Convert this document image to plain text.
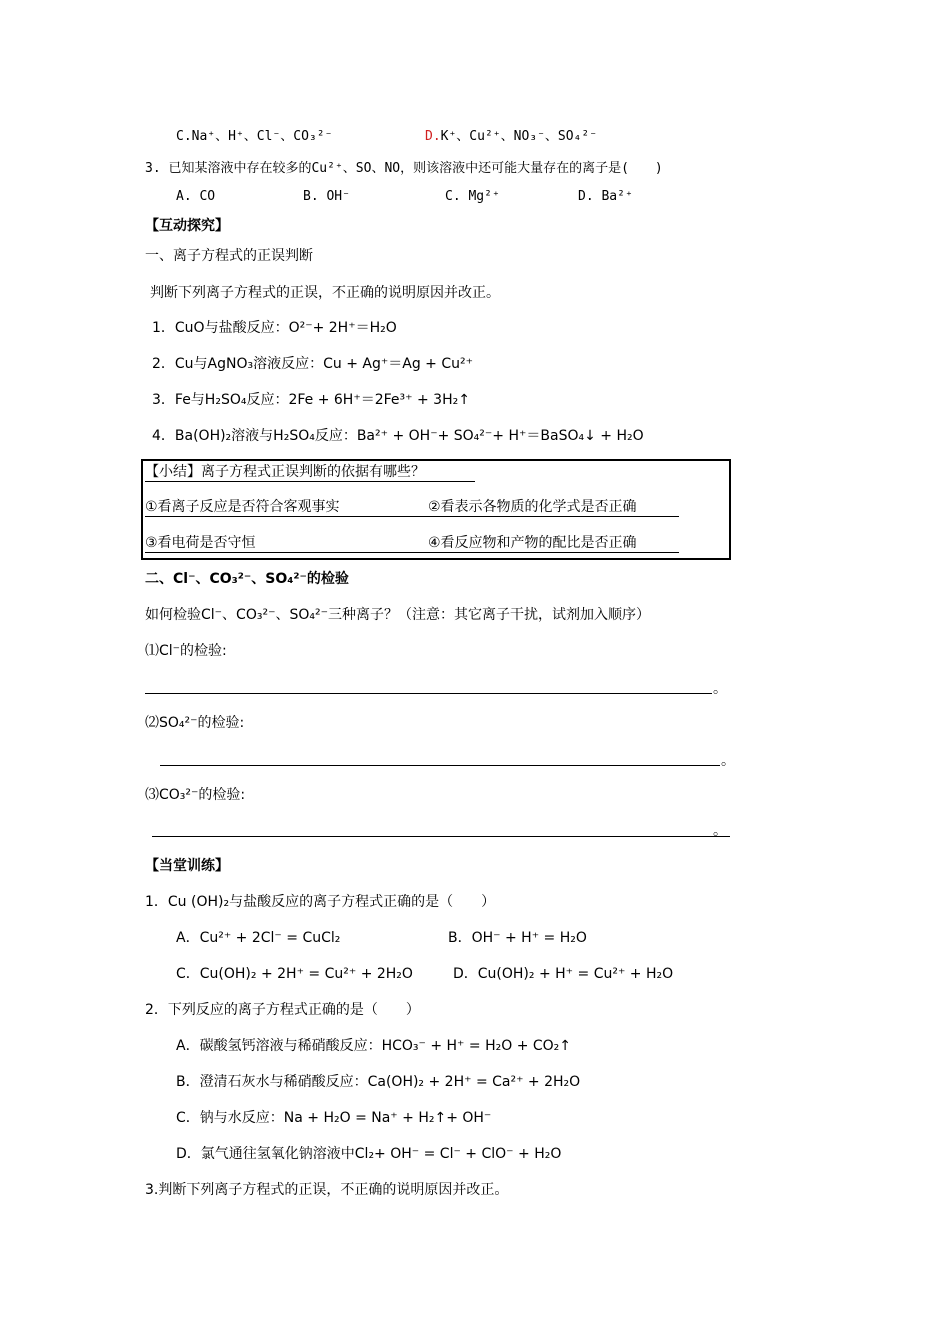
C.Na⁺、H⁺、Cl⁻、CO₃²⁻	D.K⁺、Cu²⁺、NO₃⁻、SO₄²⁻
3. 已知某溶液中存在较多的Cu²⁺、SO、NO，则该溶液中还可能大量存在的离子是(　　)
A. CO	B. OH⁻	C. Mg²⁺	D. Ba²⁺
【互动探究】
一、离子方程式的正误判断
判断下列离子方程式的正误，不正确的说明原因并改正。
1．CuO与盐酸反应：O²⁻+ 2H⁺＝H₂O
2．Cu与AgNO₃溶液反应：Cu + Ag⁺＝Ag + Cu²⁺
3．Fe与H₂SO₄反应：2Fe + 6H⁺＝2Fe³⁺ + 3H₂↑
4．Ba(OH)₂溶液与H₂SO₄反应：Ba²⁺ + OH⁻+ SO₄²⁻+ H⁺＝BaSO₄↓ + H₂O
【小结】离子方程式正误判断的依据有哪些？
①看离子反应是否符合客观事实	②看表示各物质的化学式是否正确
③看电荷是否守恒	④看反应物和产物的配比是否正确
二、Cl⁻、CO₃²⁻、SO₄²⁻的检验
如何检验Cl⁻、CO₃²⁻、SO₄²⁻三种离子？（注意：其它离子干扰，试剂加入顺序）
⑴Cl⁻的检验:
。
⑵SO₄²⁻的检验:
。
⑶CO₃²⁻的检验:
。
【当堂训练】
1．Cu (OH)₂与盐酸反应的离子方程式正确的是（　　）
A．Cu²⁺ + 2Cl⁻ = CuCl₂	B．OH⁻ + H⁺ = H₂O
C．Cu(OH)₂ + 2H⁺ = Cu²⁺ + 2H₂O	D．Cu(OH)₂ + H⁺ = Cu²⁺ + H₂O
2．下列反应的离子方程式正确的是（　　）
A．碳酸氢钙溶液与稀硝酸反应：HCO₃⁻ + H⁺ = H₂O + CO₂↑
B．澄清石灰水与稀硝酸反应：Ca(OH)₂ + 2H⁺ = Ca²⁺ + 2H₂O
C．钠与水反应：Na + H₂O = Na⁺ + H₂↑+ OH⁻
D．氯气通往氢氧化钠溶液中Cl₂+ OH⁻ = Cl⁻ + ClO⁻ + H₂O
3.判断下列离子方程式的正误，不正确的说明原因并改正。
